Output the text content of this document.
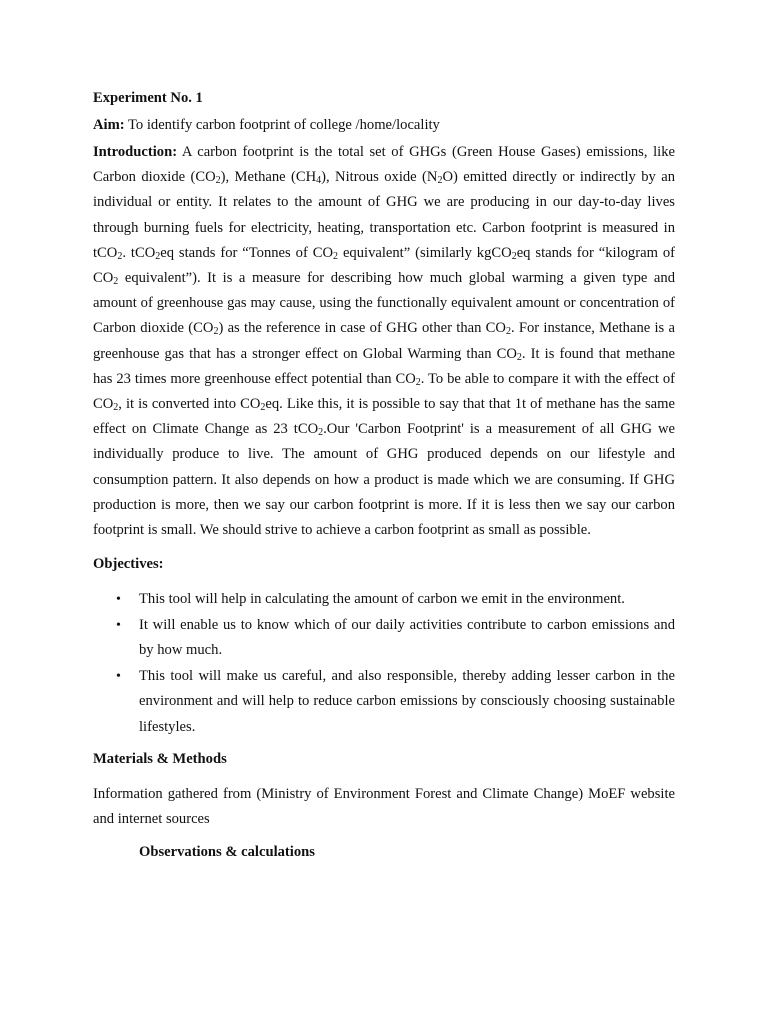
Experiment No. 1

Aim: To identify carbon footprint of college /home/locality

Introduction: A carbon footprint is the total set of GHGs (Green House Gases) emissions, like Carbon dioxide $(CO_2)$, Methane $(CH_4)$, Nitrous oxide $(N_2O)$ emitted directly or indirectly by an individual or entity. It relates to the amount of GHG we are producing in our day-to-day lives through burning fuels for electricity, heating, transportation etc. Carbon footprint is measured in tCO$_2$. tCO$_2$eq stands for “Tonnes of $CO_2$ equivalent” (similarly kgCO$_2$eq stands for “kilogram of $CO_2$ equivalent”). It is a measure for describing how much global warming a given type and amount of greenhouse gas may cause, using the functionally equivalent amount or concentration of Carbon dioxide $(CO_2)$ as the reference in case of GHG other than $CO_2$. For instance, Methane is a greenhouse gas that has a stronger effect on Global Warming than $CO_2$. It is found that methane has 23 times more greenhouse effect potential than $CO_2$. To be able to compare it with the effect of $CO_2$, it is converted into $CO_2eq$. Like this, it is possible to say that that 1t of methane has the same effect on Climate Change as 23 tCO$_2$.Our 'Carbon Footprint' is a measurement of all GHG we individually produce to live. The amount of GHG produced depends on our lifestyle and consumption pattern. It also depends on how a product is made which we are consuming. If GHG production is more, then we say our carbon footprint is more. If it is less then we say our carbon footprint is small. We should strive to achieve a carbon footprint as small as possible.

Objectives:

• This tool will help in calculating the amount of carbon we emit in the environment.
• It will enable us to know which of our daily activities contribute to carbon emissions and by how much.
• This tool will make us careful, and also responsible, thereby adding lesser carbon in the environment and will help to reduce carbon emissions by consciously choosing sustainable lifestyles.

Materials & Methods

Information gathered from (Ministry of Environment Forest and Climate Change) MoEF website and internet sources

Observations & calculations
